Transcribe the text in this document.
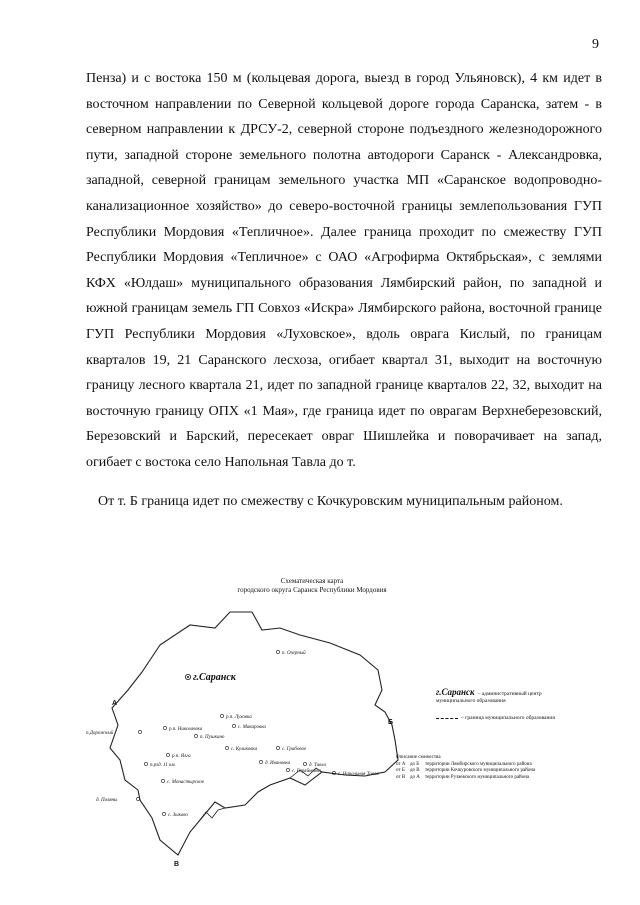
9

Пенза) и с востока 150 м (кольцевая дорога, выезд в город Ульяновск), 4 км идет в восточном направлении по Северной кольцевой дороге города Саранска, затем - в северном направлении к ДРСУ-2, северной стороне подъездного железнодорожного пути, западной стороне земельного полотна автодороги Саранск - Александровка, западной, северной границам земельного участка МП «Саранское водопроводно-канализационное хозяйство» до северо-восточной границы землепользования ГУП Республики Мордовия «Тепличное». Далее граница проходит по смежеству ГУП Республики Мордовия «Тепличное» с ОАО «Агрофирма Октябрьская», с землями КФХ «Юлдаш» муниципального образования Лямбирский район, по западной и южной границам земель ГП Совхоз «Искра» Лямбирского района, восточной границе ГУП Республики Мордовия «Луховское», вдоль оврага Кислый, по границам кварталов 19, 21 Саранского лесхоза, огибает квартал 31, выходит на восточную границу лесного квартала 21, идет по западной границе кварталов 22, 32, выходит на восточную границу ОПХ «1 Мая», где граница идет по оврагам Верхнеберезовский, Березовский и Барский, пересекает овраг Шишлейка и поворачивает на запад, огибает с востока село Напольная Тавла до т.

От т. Б граница идет по смежеству с Кочкуровским муниципальным районом.

Схематическая карта
городского округа Саранск Республики Мордовия
А
Б
В
г.Саранск
п. Озерный
р.п. Луховка
с. Макаровка
р.п. Николаевка
п. Пушкино
п.Дорожный
р.п. Ялга
с. Куликовка	с. Грабовое
д. Ивановка	д. Тавла
с. Горяйновка
с. Напольная Тавла
п.рзд. 11 км.
с. Монастырское
д. Поляны
с. Зыково
г.Саранск – административный центр муниципального образования
– граница муниципального образования
Описание смежества
от А до Б	территории Лямбирского муниципального района
от Б	до В	территории Кочкуровского муниципального района
от В до А	территории Рузаевского муниципального района
